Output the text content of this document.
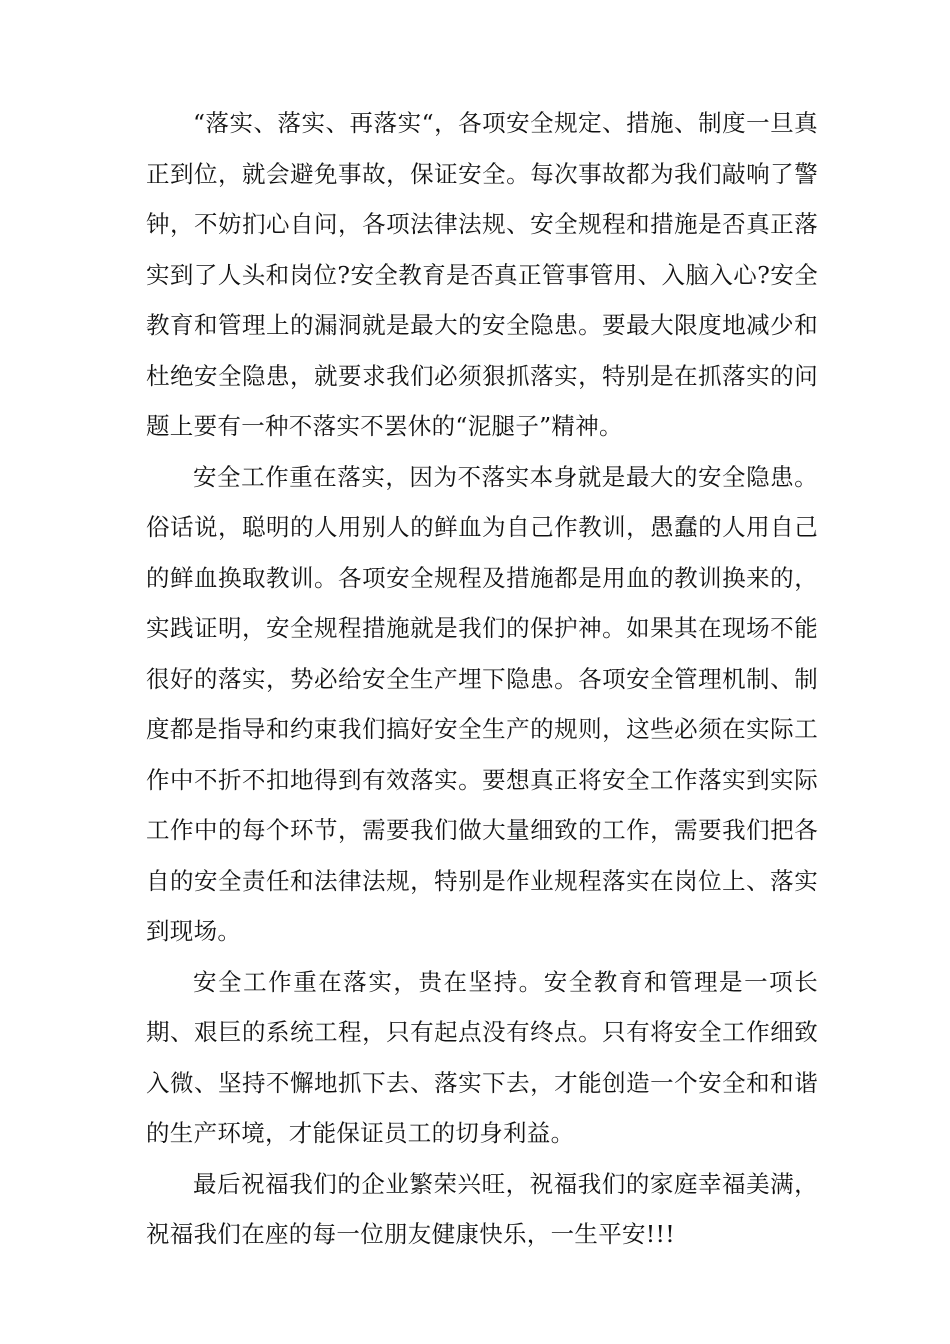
“落实、落实、再落实“，各项安全规定、措施、制度一旦真正到位，就会避免事故，保证安全。每次事故都为我们敲响了警钟，不妨扪心自问，各项法律法规、安全规程和措施是否真正落实到了人头和岗位?安全教育是否真正管事管用、入脑入心?安全教育和管理上的漏洞就是最大的安全隐患。要最大限度地减少和杜绝安全隐患，就要求我们必须狠抓落实，特别是在抓落实的问题上要有一种不落实不罢休的“泥腿子”精神。

安全工作重在落实，因为不落实本身就是最大的安全隐患。俗话说，聪明的人用别人的鲜血为自己作教训，愚蠢的人用自己的鲜血换取教训。各项安全规程及措施都是用血的教训换来的，实践证明，安全规程措施就是我们的保护神。如果其在现场不能很好的落实，势必给安全生产埋下隐患。各项安全管理机制、制度都是指导和约束我们搞好安全生产的规则，这些必须在实际工作中不折不扣地得到有效落实。要想真正将安全工作落实到实际工作中的每个环节，需要我们做大量细致的工作，需要我们把各自的安全责任和法律法规，特别是作业规程落实在岗位上、落实到现场。

安全工作重在落实，贵在坚持。安全教育和管理是一项长期、艰巨的系统工程，只有起点没有终点。只有将安全工作细致入微、坚持不懈地抓下去、落实下去，才能创造一个安全和和谐的生产环境，才能保证员工的切身利益。

最后祝福我们的企业繁荣兴旺，祝福我们的家庭幸福美满，祝福我们在座的每一位朋友健康快乐，一生平安!!!
